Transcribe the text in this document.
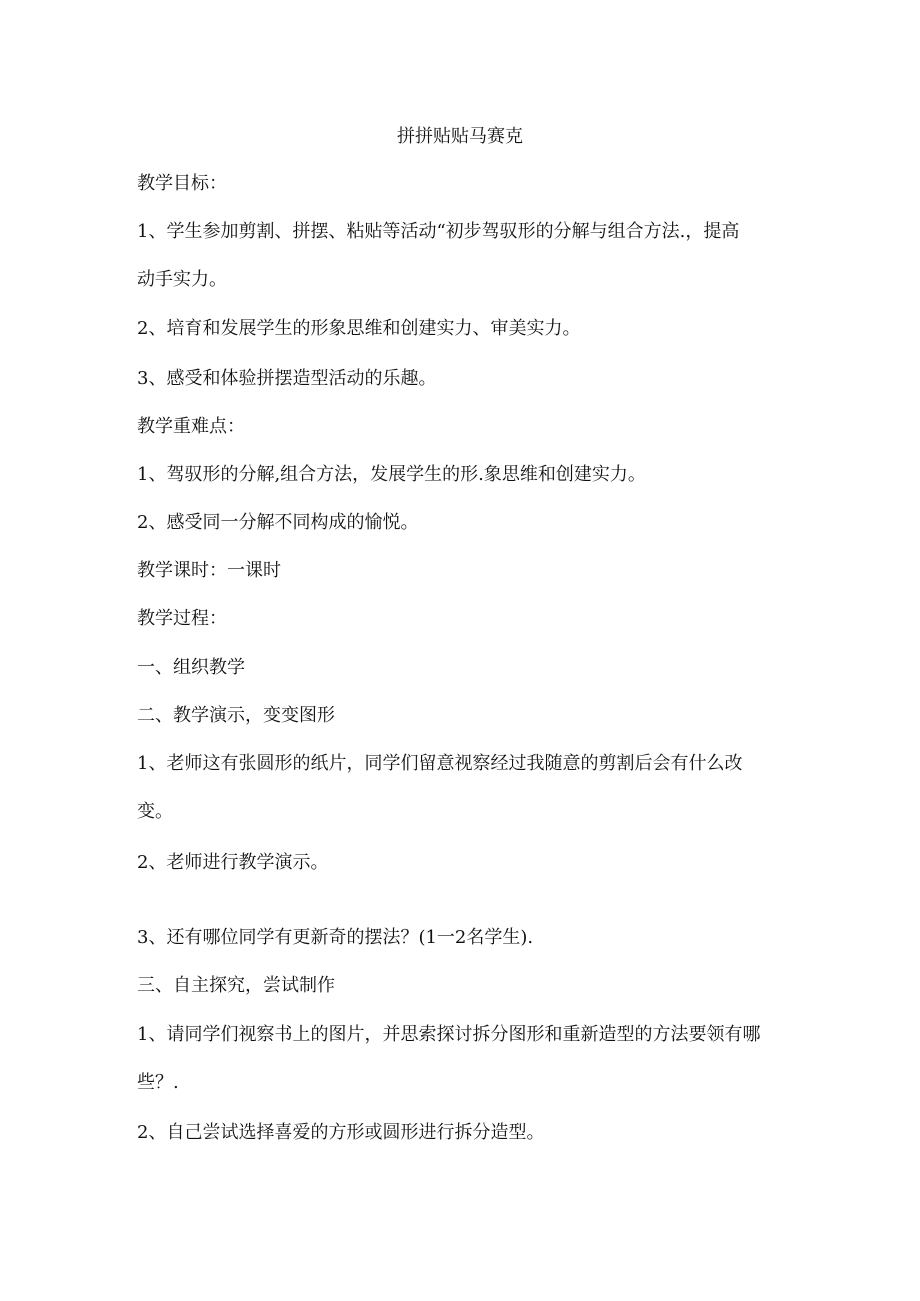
拼拼贴贴马赛克
教学目标：
1、学生参加剪割、拼摆、粘贴等活动“初步驾驭形的分解与组合方法.，提高
动手实力。
2、培育和发展学生的形象思维和创建实力、审美实力。
3、感受和体验拼摆造型活动的乐趣。
教学重难点：
1、驾驭形的分解,组合方法，发展学生的形.象思维和创建实力。
2、感受同一分解不同构成的愉悦。
教学课时：一课时
教学过程：
一、组织教学
二、教学演示，变变图形
1、老师这有张圆形的纸片，同学们留意视察经过我随意的剪割后会有什么改
变。
2、老师进行教学演示。
3、还有哪位同学有更新奇的摆法？(1一2名学生).
三、自主探究，尝试制作
1、请同学们视察书上的图片，并思索探讨拆分图形和重新造型的方法要领有哪
些？.
2、自己尝试选择喜爱的方形或圆形进行拆分造型。
